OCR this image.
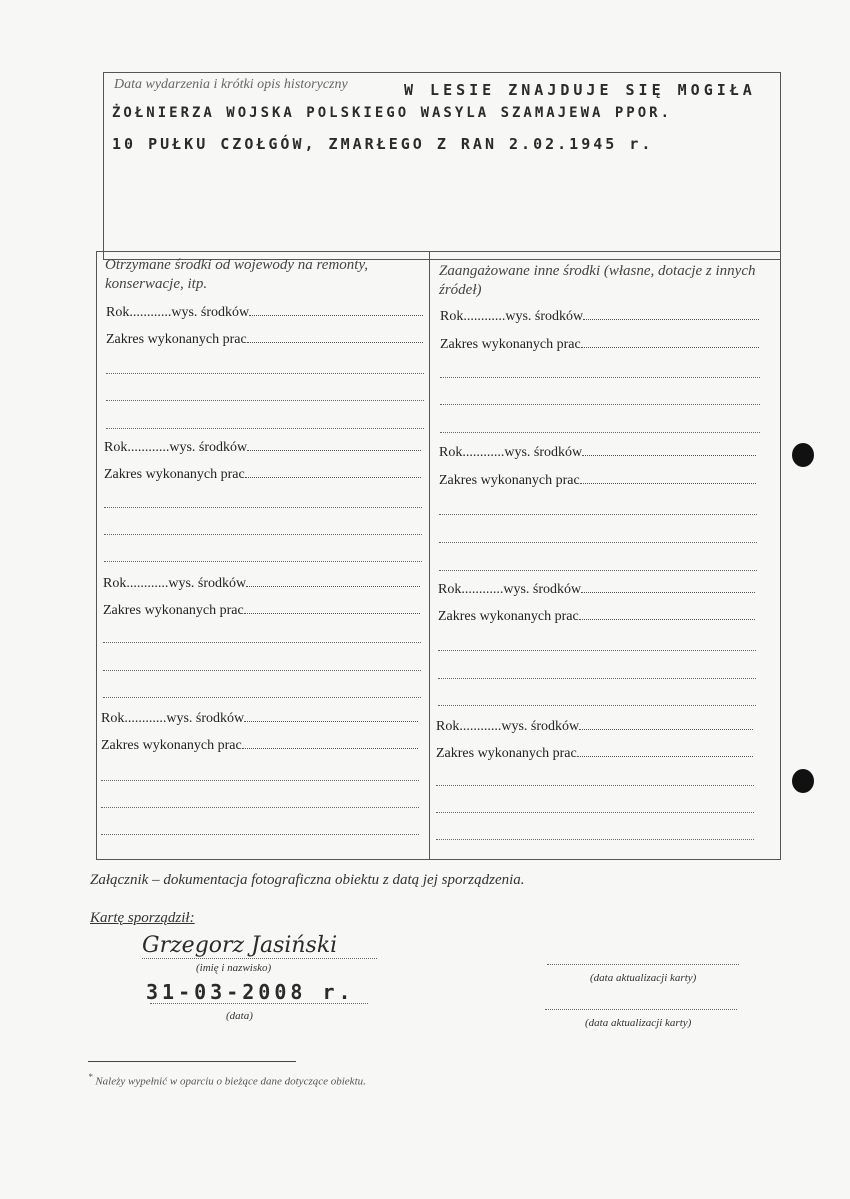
Data wydarzenia i krótki opis historyczny	W LESIE ZNAJDUJE SIĘ MOGIŁA
ŻOŁNIERZA WOJSKA POLSKIEGO WASYLA SZAMAJEWA PPOR.
10 PUŁKU CZOŁGÓW, ZMARŁEGO Z RAN 2.02.1945 r.
Otrzymane środki od wojewody na remonty, konserwacje, itp.
Zaangażowane inne środki (własne, dotacje z innych źródeł)
Rok............wys. środków
Zakres wykonanych prac
Rok............wys. środków
Zakres wykonanych prac
Rok............wys. środków
Zakres wykonanych prac
Rok............wys. środków
Zakres wykonanych prac
Rok............wys. środków
Zakres wykonanych prac
Rok............wys. środków
Zakres wykonanych prac
Rok............wys. środków
Zakres wykonanych prac
Rok............wys. środków
Zakres wykonanych prac
Załącznik – dokumentacja fotograficzna obiektu z datą jej sporządzenia.
Kartę sporządził:
Grzegorz Jasiński
(imię i nazwisko)
31-03-2008 r.
(data)
(data aktualizacji karty)
(data aktualizacji karty)
* Należy wypełnić w oparciu o bieżące dane dotyczące obiektu.
